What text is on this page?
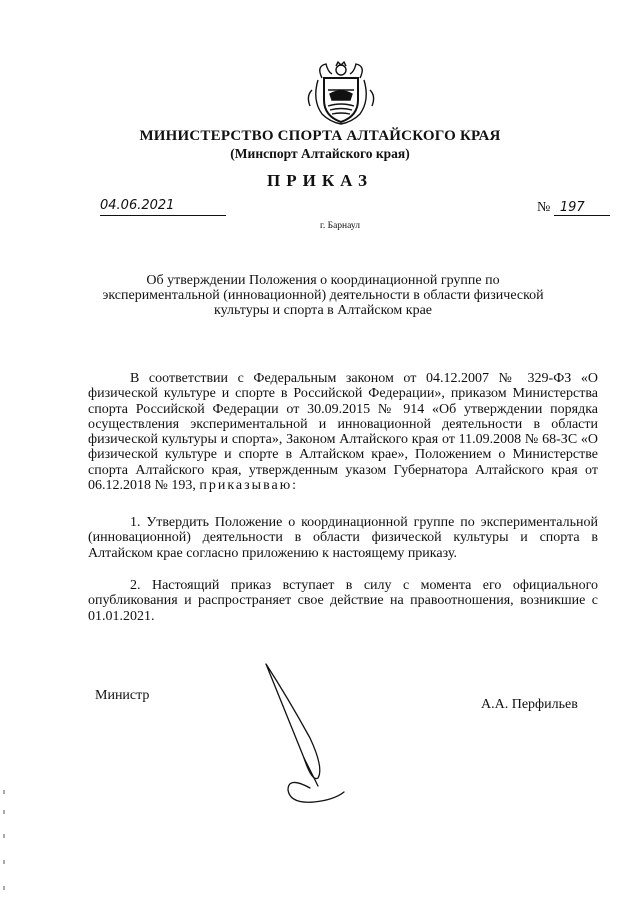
МИНИСТЕРСТВО СПОРТА АЛТАЙСКОГО КРАЯ
(Минспорт Алтайского края)
ПРИКАЗ
04.06.2021	№ 197
г. Барнаул
Об утверждении Положения о координационной группе по экспериментальной (инновационной) деятельности в области физической культуры и спорта в Алтайском крае
В соответствии с Федеральным законом от 04.12.2007 № 329-ФЗ «О физической культуре и спорте в Российской Федерации», приказом Министерства спорта Российской Федерации от 30.09.2015 № 914 «Об утверждении порядка осуществления экспериментальной и инновационной деятельности в области физической культуры и спорта», Законом Алтайского края от 11.09.2008 № 68-ЗС «О физической культуре и спорте в Алтайском крае», Положением о Министерстве спорта Алтайского края, утвержденным указом Губернатора Алтайского края от 06.12.2018 № 193, приказываю:
1. Утвердить Положение о координационной группе по экспериментальной (инновационной) деятельности в области физической культуры и спорта в Алтайском крае согласно приложению к настоящему приказу.
2. Настоящий приказ вступает в силу с момента его официального опубликования и распространяет свое действие на правоотношения, возникшие с 01.01.2021.
Министр
А.А. Перфильев
